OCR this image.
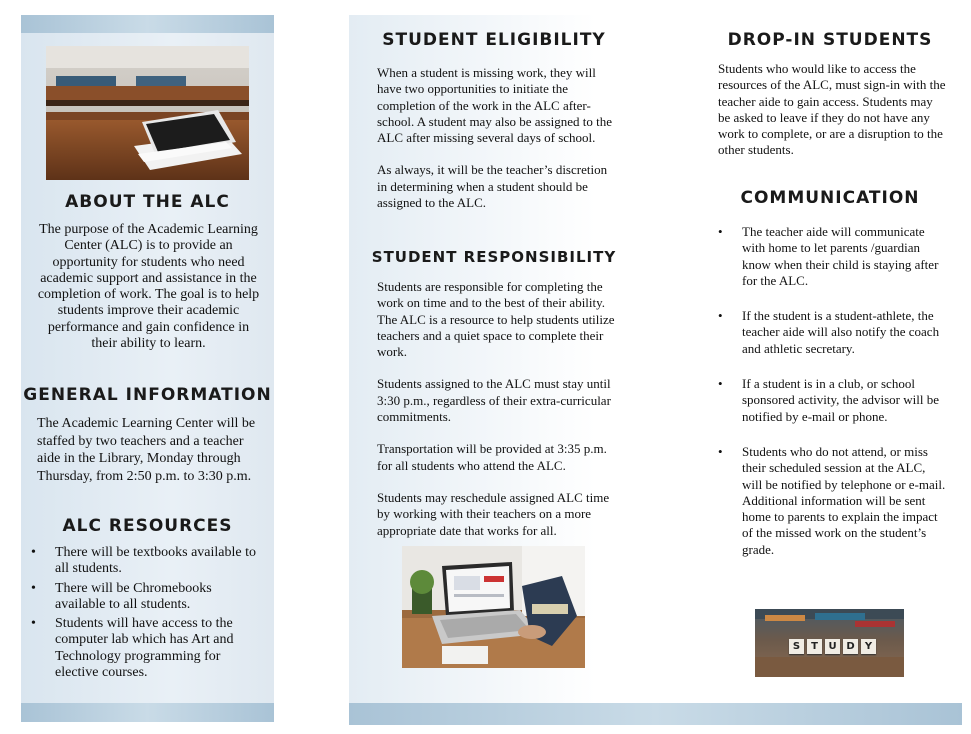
ABOUT THE ALC
The purpose of the Academic Learning Center (ALC) is to provide an opportunity for students who need academic support and assistance in the completion of work. The goal is to help students improve their academic performance and gain confidence in their ability to learn.
GENERAL INFORMATION
The Academic Learning Center will be staffed by two teachers and a teacher aide in the Library, Monday through Thursday, from 2:50 p.m. to 3:30 p.m.
ALC RESOURCES
• There will be textbooks available to all students.
• There will be Chromebooks available to all students.
• Students will have access to the computer lab which has Art and Technology programming for elective courses.
STUDENT ELIGIBILITY

When a student is missing work, they will have two opportunities to initiate the completion of the work in the ALC after-school. A student may also be assigned to the ALC after missing several days of school.

As always, it will be the teacher’s discretion in determining when a student should be assigned to the ALC.

STUDENT RESPONSIBILITY

Students are responsible for completing the work on time and to the best of their ability. The ALC is a resource to help students utilize teachers and a quiet space to complete their work.

Students assigned to the ALC must stay until 3:30 p.m., regardless of their extra-curricular commitments.

Transportation will be provided at 3:35 p.m. for all students who attend the ALC.

Students may reschedule assigned ALC time by working with their teachers on a more appropriate date that works for all.

DROP-IN STUDENTS
Students who would like to access the resources of the ALC, must sign-in with the teacher aide to gain access. Students may be asked to leave if they do not have any work to complete, or are a disruption to the other students.
COMMUNICATION
• The teacher aide will communicate with home to let parents /guardian know when their child is staying after for the ALC.
• If the student is a student-athlete, the teacher aide will also notify the coach and athletic secretary.
• If a student is in a club, or school sponsored activity, the advisor will be notified by e-mail or phone.
• Students who do not attend, or miss their scheduled session at the ALC, will be notified by telephone or e-mail. Additional information will be sent home to parents to explain the impact of the missed work on the student’s grade.
S	T	U D	Y
